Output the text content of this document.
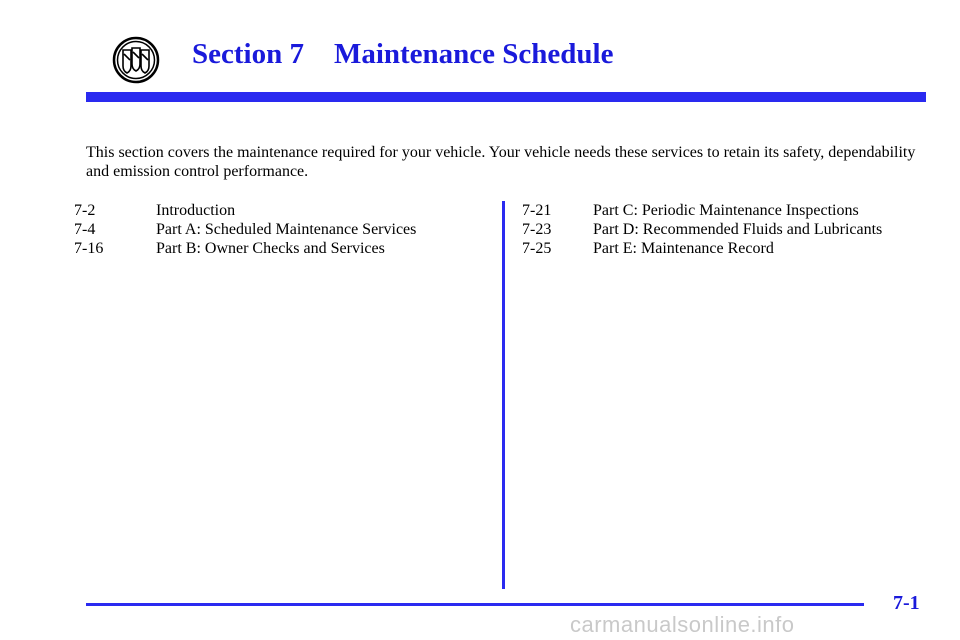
Section 7 Maintenance Schedule

This section covers the maintenance required for your vehicle. Your vehicle needs these services to retain its safety, dependability and emission control performance.

7-2	Introduction
7-4	Part A: Scheduled Maintenance Services
7-16	Part B: Owner Checks and Services
7-21	Part C: Periodic Maintenance Inspections
7-23	Part D: Recommended Fluids and Lubricants
7-25	Part E: Maintenance Record
7-1
carmanualsonline.info
